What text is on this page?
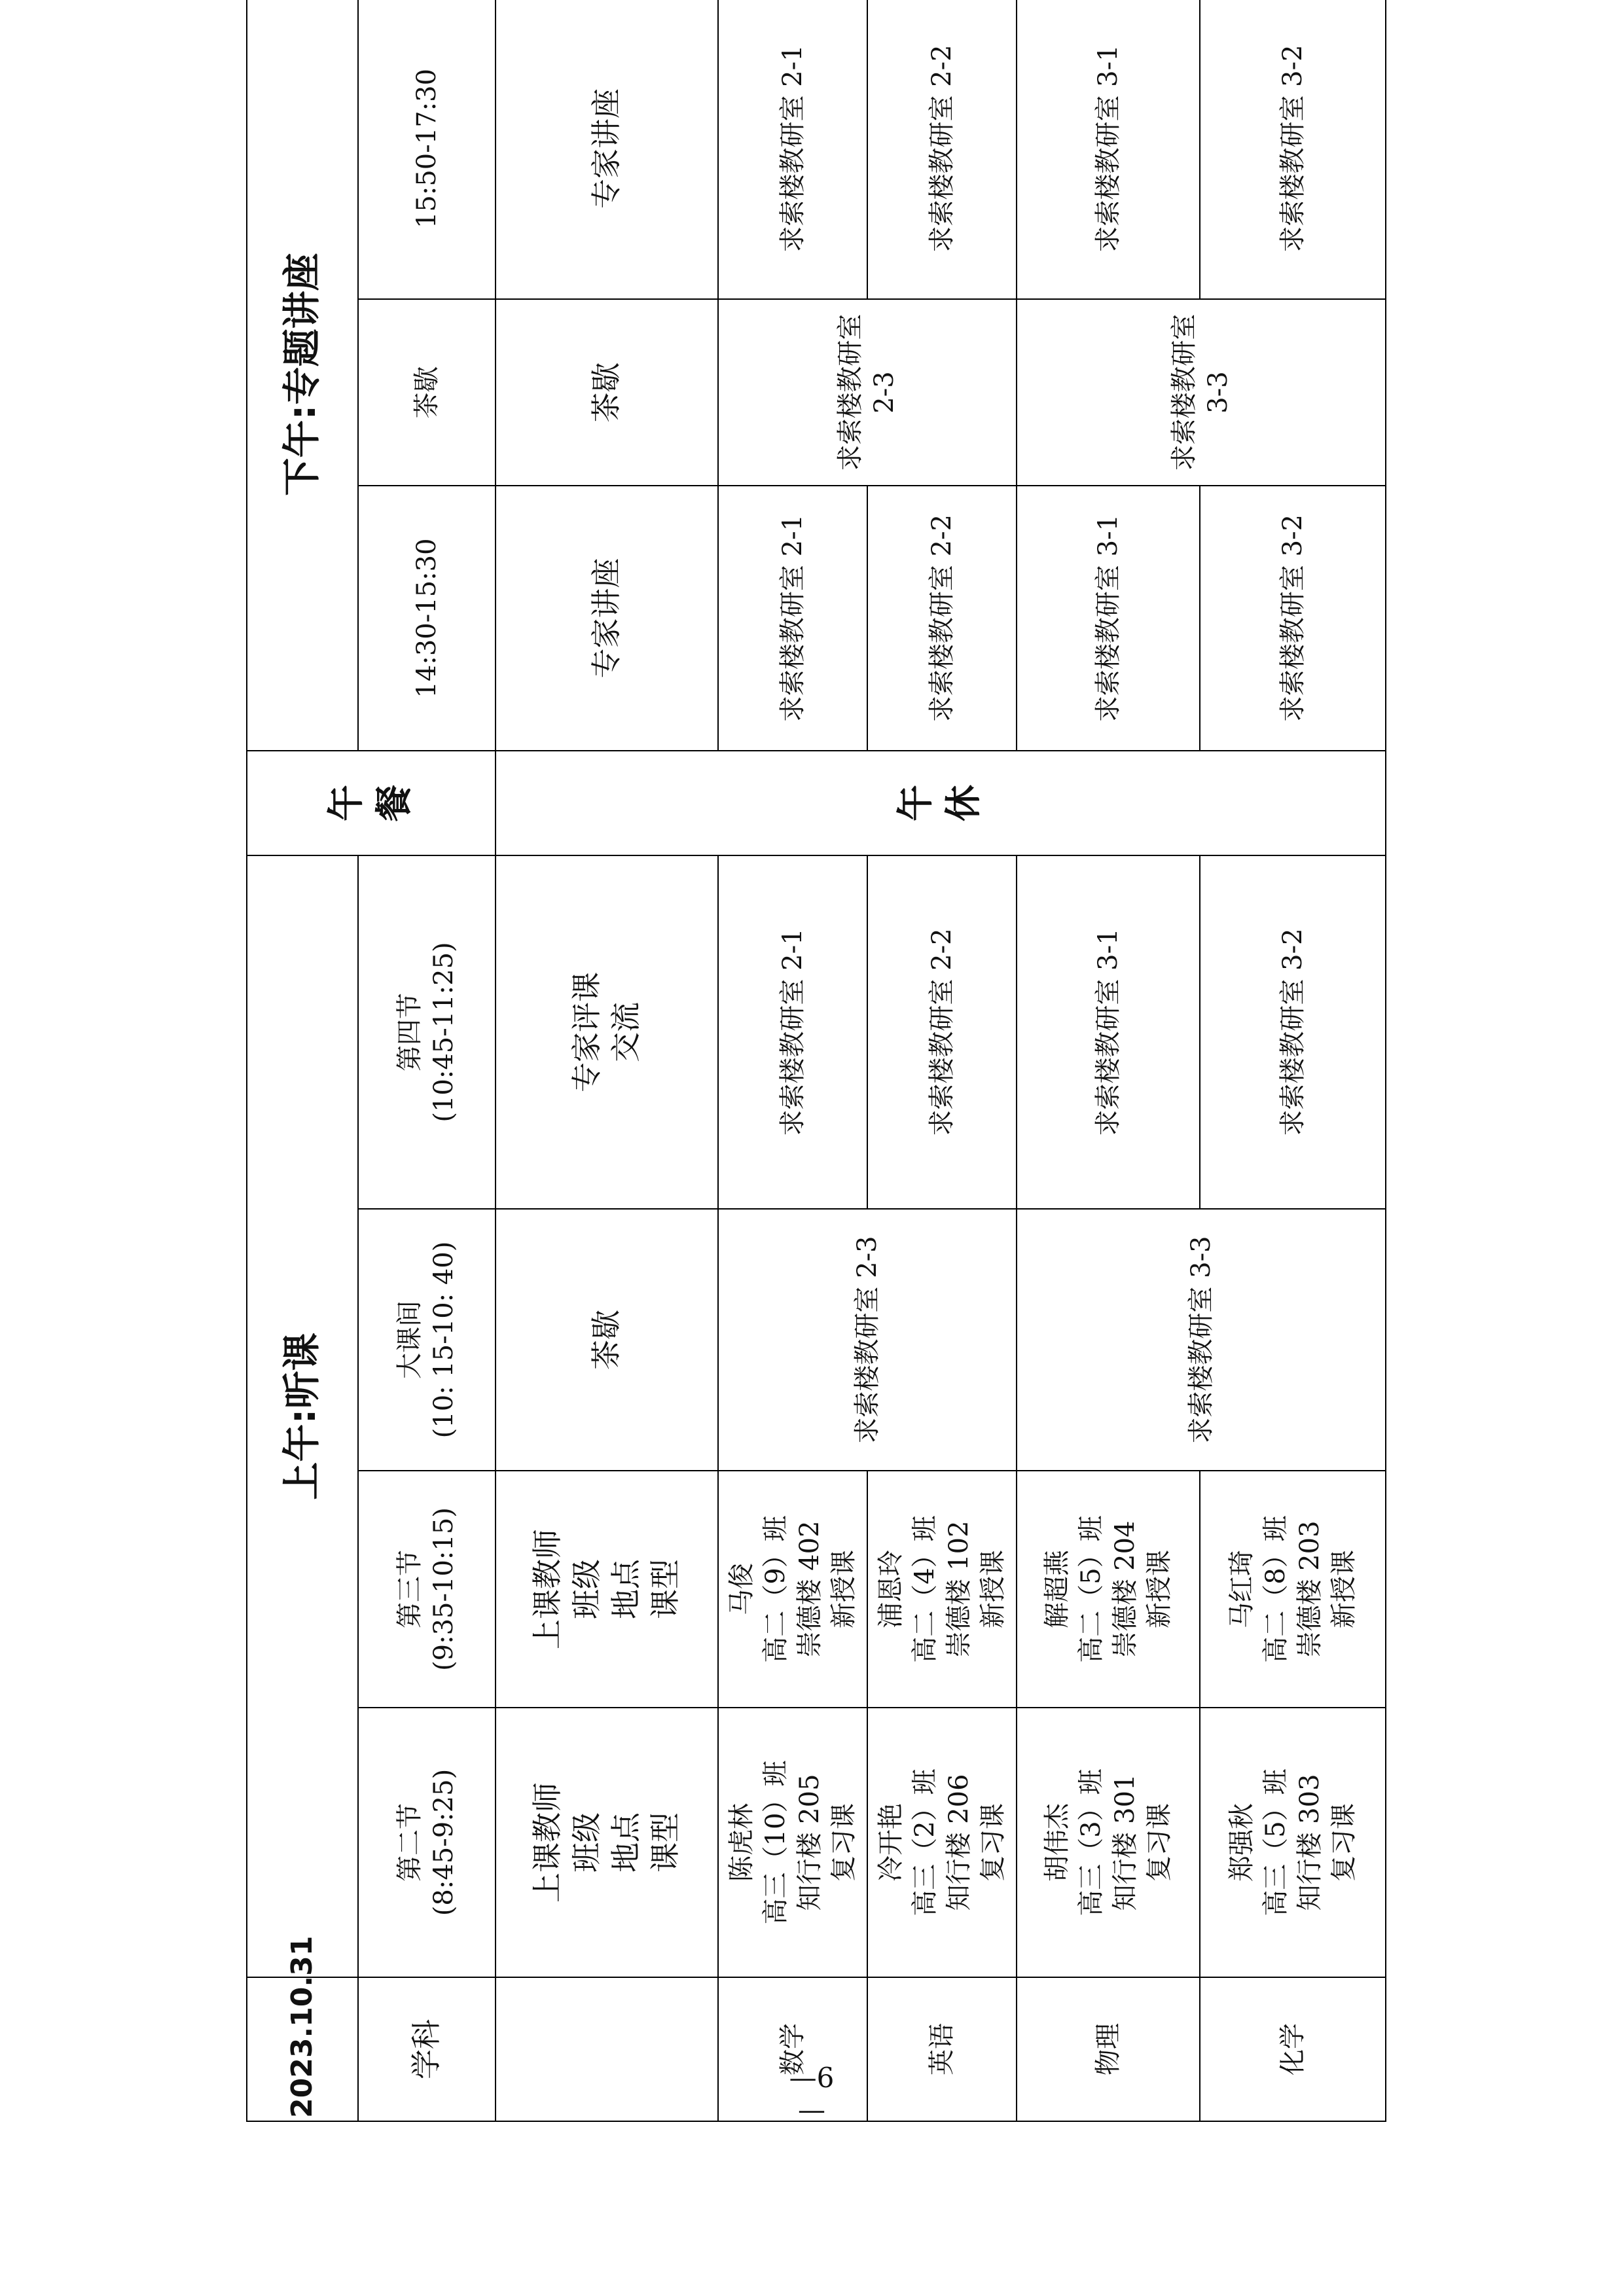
2023.10.31	上午:听课				午 餐	下午:专题讲座		
学科	第二节 (8:45-9:25)	第三节 (9:35-10:15)	大课间 (10: 15-10: 40)	第四节 (10:45-11:25)		14:30-15:30	茶歇	15:50-17:30		

	上课教师 班级 地点 课型	上课教师 班级 地点 课型	茶歇	专家评课 交流	午 休	专家讲座	茶歇	专家讲座		
数学	陈虎林 高三（10）班 知行楼 205 复习课	马俊 高二（9）班 崇德楼 402 新授课	求索楼教研室 2-3	求索楼教研室 2-1		求索楼教研室 2-1	求索楼教研室 2-3	求索楼教研室 2-1		
英语	冷开艳 高三（2）班 知行楼 206 复习课	浦恩玲 高二（4）班 崇德楼 102 新授课		求索楼教研室 2-2		求索楼教研室 2-2		求索楼教研室 2-2		
物理	胡伟杰 高三（3）班 知行楼 301 复习课	解超燕 高二（5）班 崇德楼 204 新授课	求索楼教研室 3-3	求索楼教研室 3-1		求索楼教研室 3-1	求索楼教研室 3-3	求索楼教研室 3-1		
化学	郑强秋 高三（5）班 知行楼 303 复习课	马红琦 高二（8）班 崇德楼 203 新授课		求索楼教研室 3-2		求索楼教研室 3-2		求索楼教研室 3-2		
—6—
